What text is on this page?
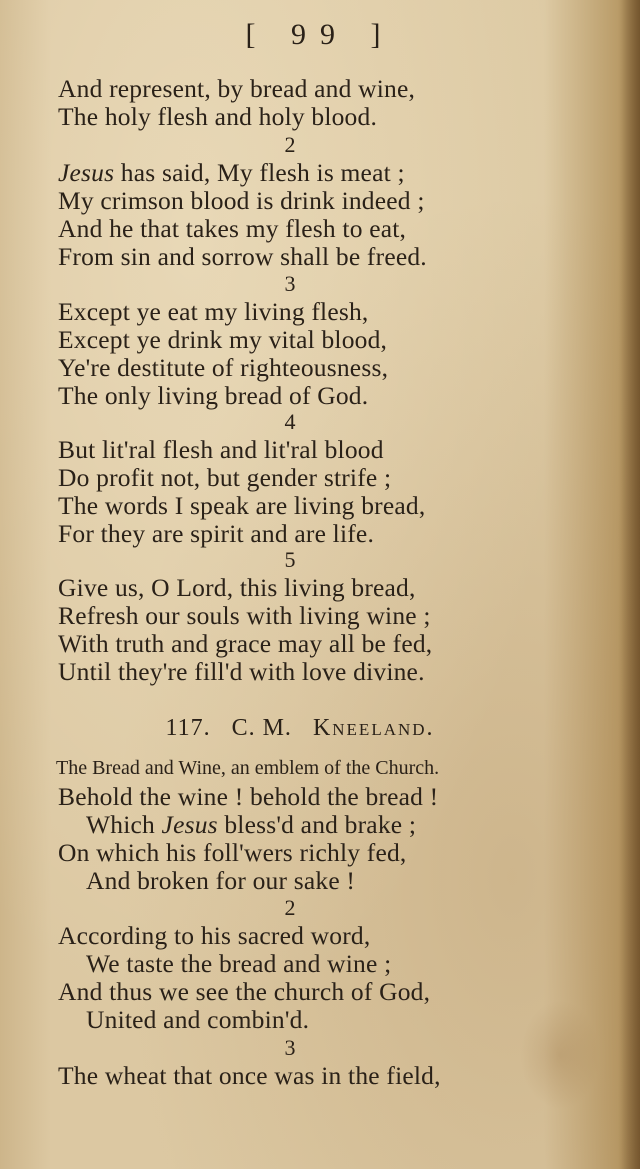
[ 99 ]
And represent, by bread and wine,
The holy flesh and holy blood.
2
Jesus has said, My flesh is meat ;
My crimson blood is drink indeed ;
And he that takes my flesh to eat,
From sin and sorrow shall be freed.
3
Except ye eat my living flesh,
Except ye drink my vital blood,
Ye're destitute of righteousness,
The only living bread of God.
4
But lit'ral flesh and lit'ral blood
Do profit not, but gender strife ;
The words I speak are living bread,
For they are spirit and are life.
5
Give us, O Lord, this living bread,
Refresh our souls with living wine ;
With truth and grace may all be fed,
Until they're fill'd with love divine.
117. C. M. Kneeland.
The Bread and Wine, an emblem of the Church.
Behold the wine ! behold the bread !
Which Jesus bless'd and brake ;
On which his foll'wers richly fed,
And broken for our sake !
2
According to his sacred word,
We taste the bread and wine ;
And thus we see the church of God,
United and combin'd.
3
The wheat that once was in the field,
